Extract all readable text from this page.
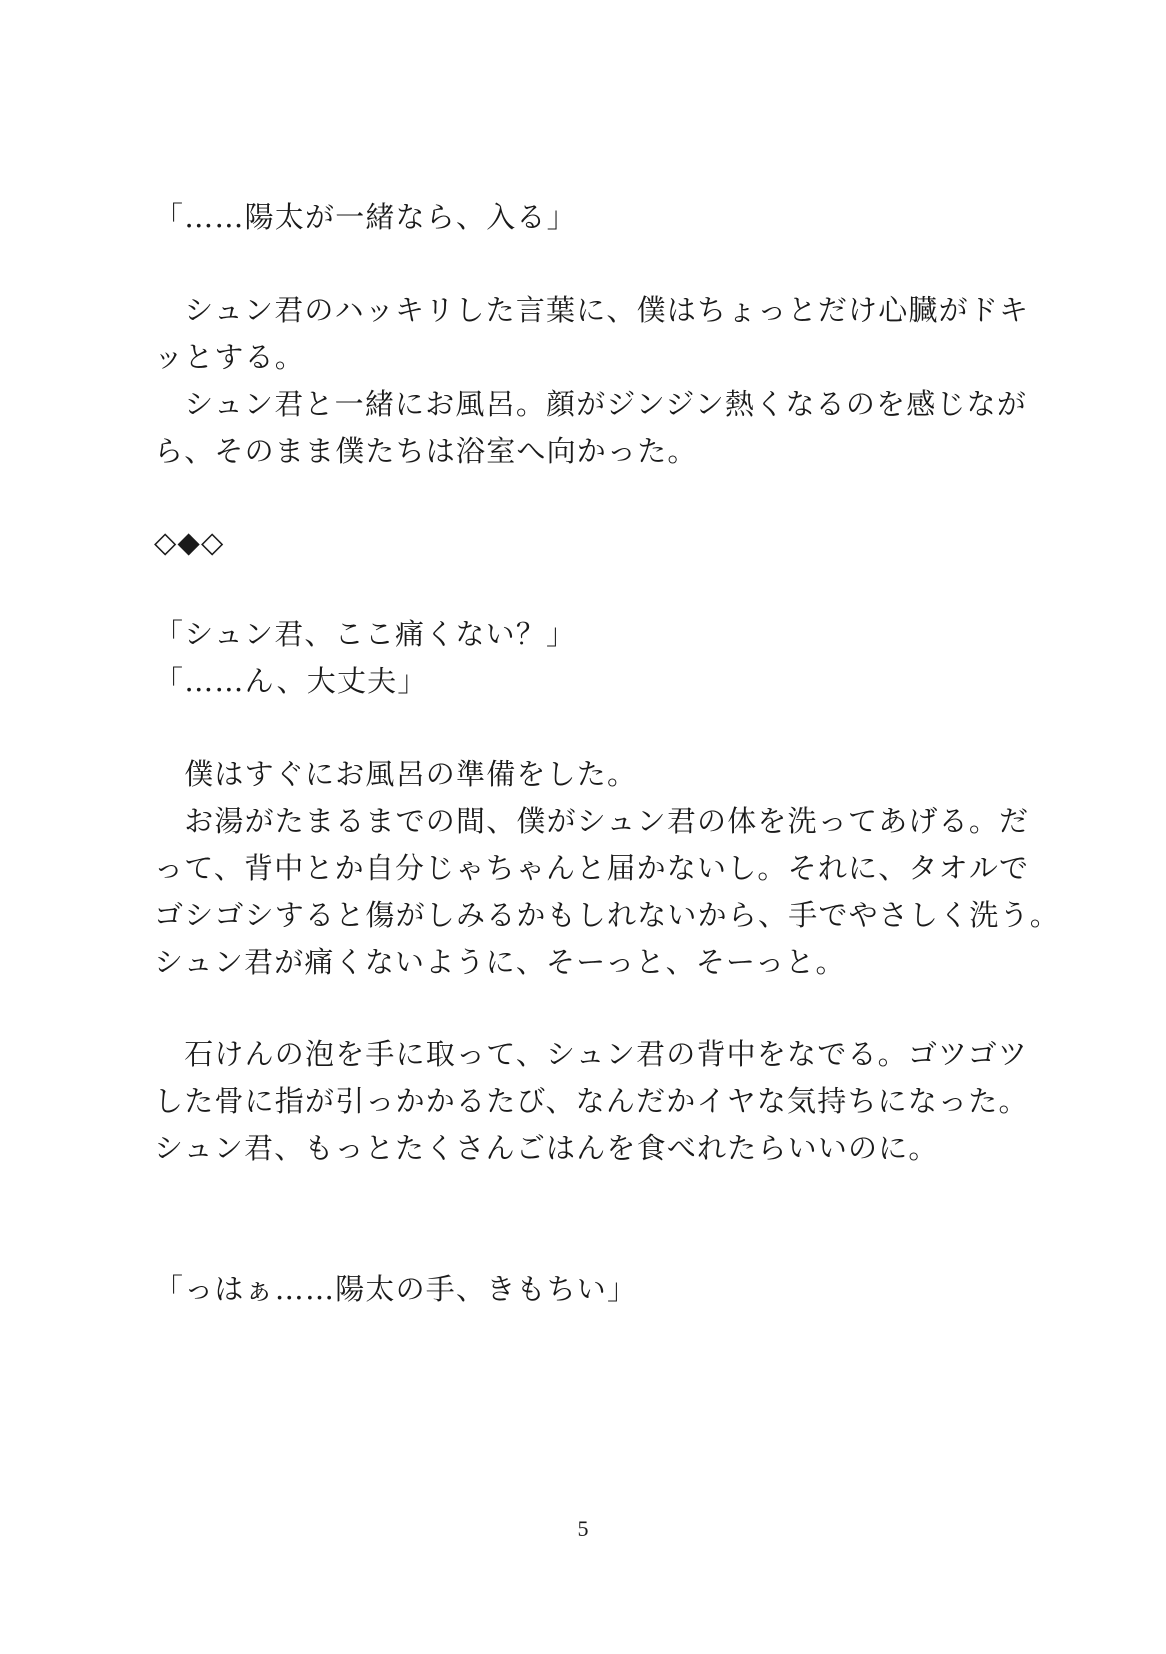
「……陽太が一緒なら、入る」
　シュン君のハッキリした言葉に、僕はちょっとだけ心臓がドキ
ッとする。
　シュン君と一緒にお風呂。顔がジンジン熱くなるのを感じなが
ら、そのまま僕たちは浴室へ向かった。
◇◆◇
「シュン君、ここ痛くない？」
「……ん、大丈夫」
　僕はすぐにお風呂の準備をした。
　お湯がたまるまでの間、僕がシュン君の体を洗ってあげる。だ
って、背中とか自分じゃちゃんと届かないし。それに、タオルで
ゴシゴシすると傷がしみるかもしれないから、手でやさしく洗う。
シュン君が痛くないように、そーっと、そーっと。
　石けんの泡を手に取って、シュン君の背中をなでる。ゴツゴツ
した骨に指が引っかかるたび、なんだかイヤな気持ちになった。
シュン君、もっとたくさんごはんを食べれたらいいのに。
「っはぁ……陽太の手、きもちい」
5
